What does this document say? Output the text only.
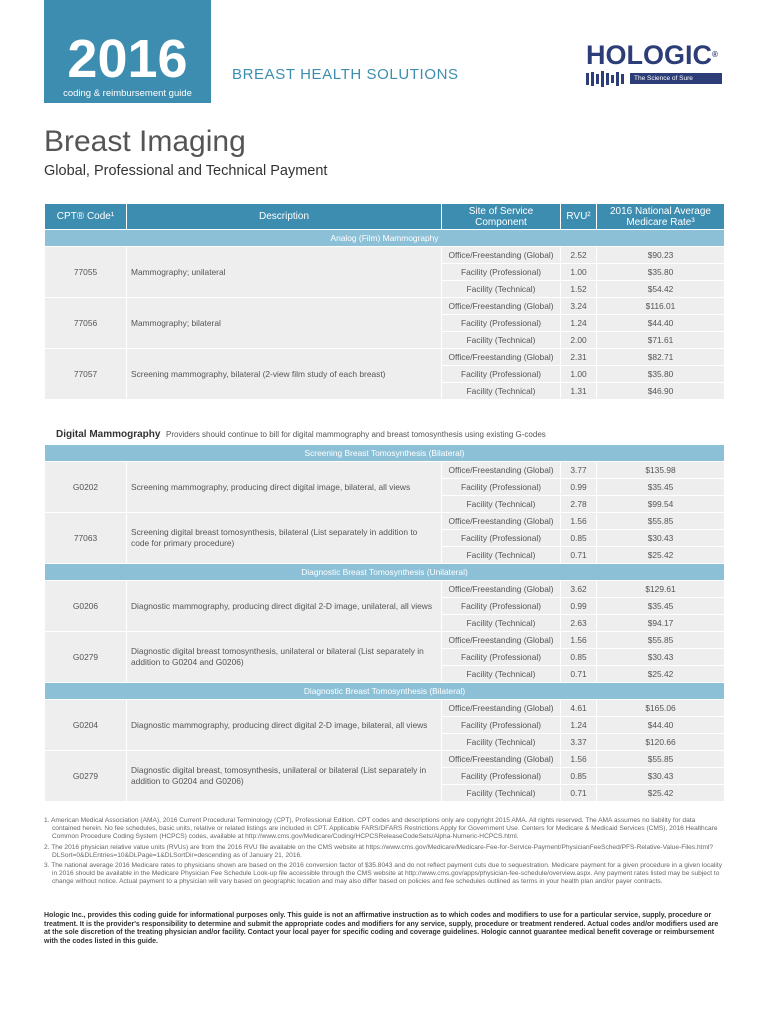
2016
coding & reimbursement guide
BREAST HEALTH SOLUTIONS
HOLOGIC®
The Science of Sure
Breast Imaging
Global, Professional and Technical Payment
CPT® Code¹	Description	Site of Service Component	RVU²	2016 National Average Medicare Rate³
Analog (Film) Mammography				
77055	Mammography; unilateral	Office/Freestanding (Global)	2.52	$90.23
		Facility (Professional)	1.00	$35.80
		Facility (Technical)	1.52	$54.42
77056	Mammography; bilateral	Office/Freestanding (Global)	3.24	$116.01
		Facility (Professional)	1.24	$44.40
		Facility (Technical)	2.00	$71.61
77057	Screening mammography, bilateral (2-view film study of each breast)	Office/Freestanding (Global)	2.31	$82.71
		Facility (Professional)	1.00	$35.80
		Facility (Technical)	1.31	$46.90
Digital Mammography Providers should continue to bill for digital mammography and breast tomosynthesis using existing G-codes
Screening Breast Tomosynthesis (Bilateral)				
G0202	Screening mammography, producing direct digital image, bilateral, all views	Office/Freestanding (Global)	3.77	$135.98
		Facility (Professional)	0.99	$35.45
		Facility (Technical)	2.78	$99.54
77063	Screening digital breast tomosynthesis, bilateral (List separately in addition to code for primary procedure)	Office/Freestanding (Global)	1.56	$55.85
		Facility (Professional)	0.85	$30.43
		Facility (Technical)	0.71	$25.42
Diagnostic Breast Tomosynthesis (Unilateral)				
G0206	Diagnostic mammography, producing direct digital 2-D image, unilateral, all views	Office/Freestanding (Global)	3.62	$129.61
		Facility (Professional)	0.99	$35.45
		Facility (Technical)	2.63	$94.17
G0279	Diagnostic digital breast tomosynthesis, unilateral or bilateral (List separately in addition to G0204 and G0206)	Office/Freestanding (Global)	1.56	$55.85
		Facility (Professional)	0.85	$30.43
		Facility (Technical)	0.71	$25.42
Diagnostic Breast Tomosynthesis (Bilateral)				
G0204	Diagnostic mammography, producing direct digital 2-D image, bilateral, all views	Office/Freestanding (Global)	4.61	$165.06
		Facility (Professional)	1.24	$44.40
		Facility (Technical)	3.37	$120.66
G0279	Diagnostic digital breast, tomosynthesis, unilateral or bilateral (List separately in addition to G0204 and G0206)	Office/Freestanding (Global)	1.56	$55.85
		Facility (Professional)	0.85	$30.43
		Facility (Technical)	0.71	$25.42

1. American Medical Association (AMA), 2016 Current Procedural Terminology (CPT), Professional Edition. CPT codes and descriptions only are copyright 2015 AMA. All rights reserved. The AMA assumes no liability for data contained herein. No fee schedules, basic units, relative or related listings are included in CPT. Applicable FARS/DFARS Restrictions Apply for Government Use. Centers for Medicare & Medicaid Services (CMS), 2016 Healthcare Common Procedure Coding System (HCPCS) codes, available at http://www.cms.gov/Medicare/Coding/HCPCSReleaseCodeSets/Alpha-Numeric-HCPCS.html.

2. The 2016 physician relative value units (RVUs) are from the 2016 RVU file available on the CMS website at https://www.cms.gov/Medicare/Medicare-Fee-for-Service-Payment/PhysicianFeeSched/PFS-Relative-Value-Files.html?DLSort=0&DLEntries=10&DLPage=1&DLSortDir=descending as of January 21, 2016.

3. The national average 2016 Medicare rates to physicians shown are based on the 2016 conversion factor of $35.8043 and do not reflect payment cuts due to sequestration. Medicare payment for a given procedure in a given locality in 2016 should be available in the Medicare Physician Fee Schedule Look-up file accessible through the CMS website at http://www.cms.gov/apps/physician-fee-schedule/overview.aspx. Any payment rates listed may be subject to change without notice. Actual payment to a physician will vary based on geographic location and may also differ based on policies and fee schedules outlined as terms in your health plan and/or payer contracts.

Hologic Inc., provides this coding guide for informational purposes only. This guide is not an affirmative instruction as to which codes and modifiers to use for a particular service, supply, procedure or treatment. It is the provider's responsibility to determine and submit the appropriate codes and modifiers for any service, supply, procedure or treatment rendered. Actual codes and/or modifiers used are at the sole discretion of the treating physician and/or facility. Contact your local payer for specific coding and coverage guidelines. Hologic cannot guarantee medical benefit coverage or reimbursement with the codes listed in this guide.
